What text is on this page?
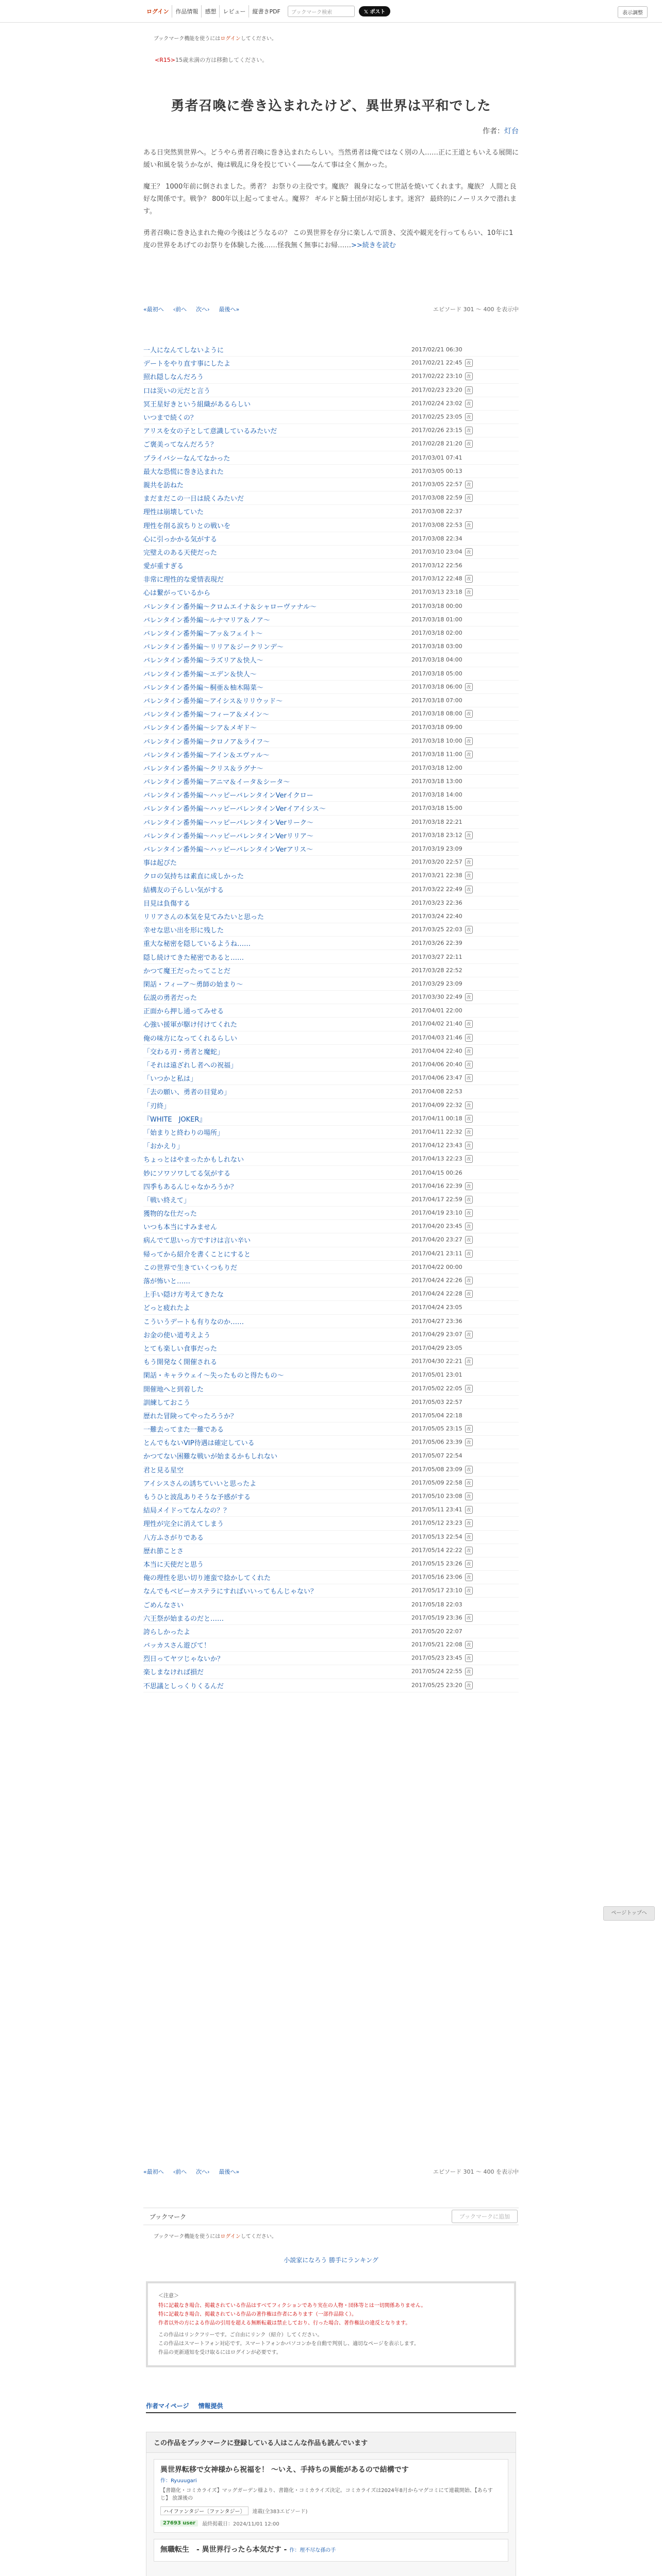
ログイン	作品情報	感想	レビュー	縦書きPDF	ブックマーク検索	𝕏 ポスト	表示調整
ブックマーク機能を使うにはログインしてください。
<R15>15歳未満の方は移動してください。
勇者召喚に巻き込まれたけど、異世界は平和でした
作者：灯台

ある日突然異世界へ。どうやら勇者召喚に巻き込まれたらしい。当然勇者は俺ではなく別の人……正に王道ともいえる展開に緩い和風を装うかなが、俺は戦乱に身を投じていく――なんて事は全く無かった。

魔王？ 1000年前に倒されました。勇者？ お祭りの主役です。魔族？ 親身になって世話を焼いてくれます。魔族？ 人間と良好な関係です。戦争？ 800年以上起ってません。魔界？ ギルドと騎士団が対応します。迷宮？ 最終的にノーリスクで潜れます。

勇者召喚に巻き込まれた俺の今後はどうなるの？ この異世界を存分に楽しんで頂き、交流や観光を行ってもらい、10年に1度の世界をあげてのお祭りを体験した後……怪我無く無事にお帰……>>続きを読む

«最初へ ‹前へ 次へ› 最後へ»	エピソード 301 〜 400 を表示中
一人になんてしないように	2017/02/21 06:30
デートをやり直す事にしたよ	2017/02/21 22:45 改
照れ隠しなんだろう	2017/02/22 23:10 改
口は災いの元だと言う	2017/02/23 23:20 改
冥王星好きという組織があるらしい	2017/02/24 23:02 改
いつまで続くの？	2017/02/25 23:05 改
アリスを女の子として意識しているみたいだ	2017/02/26 23:15 改
ご褒美ってなんだろう？	2017/02/28 21:20 改
プライバシーなんてなかった	2017/03/01 07:41
最大な恐慌に巻き込まれた	2017/03/05 00:13
親共を訪ねた	2017/03/05 22:57 改
まだまだこの一日は続くみたいだ	2017/03/08 22:59 改
理性は崩壊していた	2017/03/08 22:37
理性を削る涙ちりとの戦いを	2017/03/08 22:53 改
心に引っかかる気がする	2017/03/08 22:34
完璧えのある天使だった	2017/03/10 23:04 改
愛が重すぎる	2017/03/12 22:56
非常に理性的な愛情表現だ	2017/03/12 22:48 改
心は繋がっているから	2017/03/13 23:18 改
バレンタイン番外編〜クロムエイナ＆シャローヴァナル〜	2017/03/18 00:00
バレンタイン番外編〜ルナマリア＆ノア〜	2017/03/18 01:00
バレンタイン番外編〜アッ＆フェイト〜	2017/03/18 02:00
バレンタイン番外編〜リリア＆ジークリンデ〜	2017/03/18 03:00
バレンタイン番外編〜ラズリア＆快人〜	2017/03/18 04:00
バレンタイン番外編〜エデン＆快人〜	2017/03/18 05:00
バレンタイン番外編〜桐亜＆柚木陽菜〜	2017/03/18 06:00 改
バレンタイン番外編〜アイシス＆リリウッド〜	2017/03/18 07:00
バレンタイン番外編〜フィーア＆メイン〜	2017/03/18 08:00 改
バレンタイン番外編〜シア＆メギド〜	2017/03/18 09:00
バレンタイン番外編〜クロノア＆ライフ〜	2017/03/18 10:00 改
バレンタイン番外編〜アイン＆エヴァル〜	2017/03/18 11:00 改
バレンタイン番外編〜クリス＆ラグナ〜	2017/03/18 12:00
バレンタイン番外編〜アニマ＆イータ＆シータ〜	2017/03/18 13:00
バレンタイン番外編〜ハッピーバレンタインVerイクロー	2017/03/18 14:00
バレンタイン番外編〜ハッピーバレンタインVerイアイシス〜	2017/03/18 15:00
バレンタイン番外編〜ハッピーバレンタインVerリーク〜	2017/03/18 22:21
バレンタイン番外編〜ハッピーバレンタインVerリリア〜	2017/03/18 23:12 改
バレンタイン番外編〜ハッピーバレンタインVerアリス〜	2017/03/19 23:09
事は起びた	2017/03/20 22:57 改
クロの気持ちは素直に成しかった	2017/03/21 22:38 改
結構友の子らしい気がする	2017/03/22 22:49 改
目見は負傷する	2017/03/23 22:36
リリアさんの本気を見てみたいと思った	2017/03/24 22:40
幸せな思い出を形に残した	2017/03/25 22:03 改
重大な秘密を隠しているようね……	2017/03/26 22:39
隠し続けてきた秘密であると……	2017/03/27 22:11
かつて魔王だったってことだ	2017/03/28 22:52
閑話・フィーア〜勇師の始まり〜	2017/03/29 23:09
伝説の勇者だった	2017/03/30 22:49 改
正面から押し通ってみせる	2017/04/01 22:00
心強い援軍が駆け付けてくれた	2017/04/02 21:40 改
俺の味方になってくれるらしい	2017/04/03 21:46 改
「交わる刃・勇者と魔蛇」	2017/04/04 22:40 改
「それは遠ざれし者への祝福」	2017/04/06 20:40 改
「いつかと私は」	2017/04/06 23:47 改
「去の願い、勇者の目覚め」	2017/04/08 22:53
「刃終」	2017/04/09 22:32 改
『WHITE　JOKER』	2017/04/11 00:18 改
「始まりと終わりの場所」	2017/04/11 22:32 改
「おかえり」	2017/04/12 23:43 改
ちょっとはやまったかもしれない	2017/04/13 22:23 改
妙にソワソワしてる気がする	2017/04/15 00:26
四季もあるんじゃなかろうか？	2017/04/16 22:39 改
「戦い終えて」	2017/04/17 22:59 改
獲物的な仕だった	2017/04/19 23:10 改
いつも本当にすみません	2017/04/20 23:45 改
病んでて思いっ方ですけは言い辛い	2017/04/20 23:27 改
帰ってから紹介を書くことにすると	2017/04/21 23:11 改
この世界で生きていくつもりだ	2017/04/22 00:00
落が怖いと……	2017/04/24 22:26 改
上手い隠け方考えてきたな	2017/04/24 22:28 改
どっと疲れたよ	2017/04/24 23:05
こういうデートも有りなのか……	2017/04/27 23:36
お金の使い道考えよう	2017/04/29 23:07 改
とても楽しい食事だった	2017/04/29 23:05
もう開発なく開催される	2017/04/30 22:21 改
閑話・キャラウェイ〜失ったものと得たもの〜	2017/05/01 23:01
開催地へと到着した	2017/05/02 22:05 改
訓練しておこう	2017/05/03 22:57
歴れた冒険ってやったろうか？	2017/05/04 22:18
一難去ってまた一難である	2017/05/05 23:15 改
とんでもないVIP待遇は確定している	2017/05/06 23:39 改
かつてない困難な戦いが始まるかもしれない	2017/05/07 22:54
君と見る星空	2017/05/08 23:09 改
アイシスさんの誘ちていいと思ったよ	2017/05/09 22:58 改
もうひと波乱ありそうな予感がする	2017/05/10 23:08 改
結局メイドってなんなの？？	2017/05/11 23:41 改
理性が完全に消えてしまう	2017/05/12 23:23 改
八方ふさがりである	2017/05/13 22:54 改
歴れ節ことさ	2017/05/14 22:22 改
本当に天使だと思う	2017/05/15 23:26 改
俺の理性を思い切り連蛮で捻かしてくれた	2017/05/16 23:06 改
なんでもベビーカステラにすればいいってもんじゃない？	2017/05/17 23:10 改
ごめんなさい	2017/05/18 22:03
六王祭が始まるのだと……	2017/05/19 23:36 改
誇らしかったよ	2017/05/20 22:07
バッカスさん遊びて！	2017/05/21 22:08 改
烈日ってヤツじゃないか？	2017/05/23 23:45 改
楽しまなければ損だ	2017/05/24 22:55 改
不思議としっくりくるんだ	2017/05/25 23:20 改
«最初へ ‹前へ 次へ› 最後へ»	エピソード 301 〜 400 を表示中
ブックマーク	ブックマークに追加
ブックマーク機能を使うにはログインしてください。
小説家になろう 勝手にランキング
＜注意＞
特に記載なき場合、掲載されている作品はすべてフィクションであり実在の人物・団体等とは一切関係ありません。
特に記載なき場合、掲載されている作品の著作権は作者にあります（一部作品除く）。
作者以外の方による作品の引用を超える無断転載は禁止しており、行った場合、著作権法の違反となります。
この作品はリンクフリーです。ご自由にリンク（紹介）してください。
この作品はスマートフォン対応です。スマートフォンかパソコンかを自動で判別し、適切なページを表示します。
作品の更新通知を受け取るにはログインが必要です。
作者マイページ 情報提供
この作品をブックマークに登録している人はこんな作品も読んでいます
異世界転移で女神様から祝福を！ 〜いえ、手持ちの異能があるので結構です
作：Ryuuugari
【書籍化・コミカライズ】マッグガーデン様より、書籍化・コミカライズ決定。コミカライズは2024年8月からマグコミにて連載開始、【あらすじ】 放課後の
ハイファンタジー〔ファンタジー〕	連載(全383エピソード)
27693 user	最終掲載日：2024/11/01 12:00
無職転生　- 異世界行ったら本気だす - 作：理不尽な孫の手
ページトップへ
